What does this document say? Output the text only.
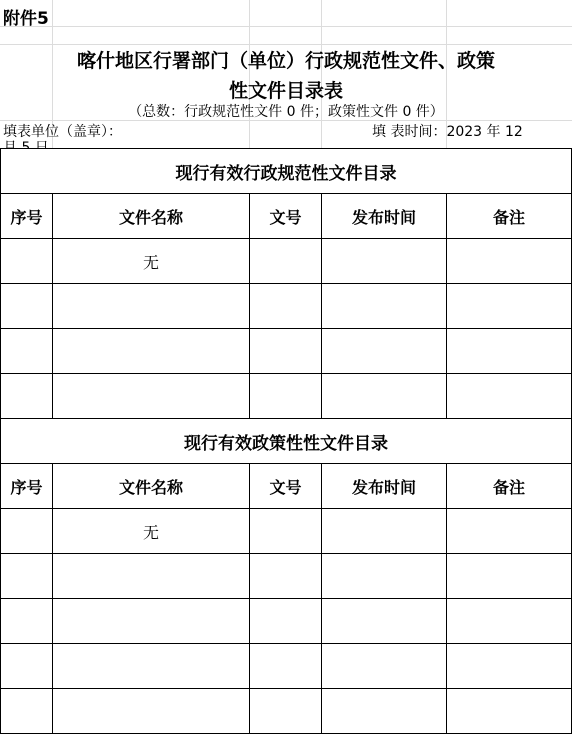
附件5
喀什地区行署部门（单位）行政规范性文件、政策
性文件目录表
（总数：行政规范性文件 0 件；政策性文件 0 件）
填表单位（盖章）：	填 表时间：2023 年 12
现行有效行政规范性文件目录				
序号	文件名称	文号	发布时间	备注
	无			

现行有效政策性性文件目录				
序号	文件名称	文号	发布时间	备注
	无			
